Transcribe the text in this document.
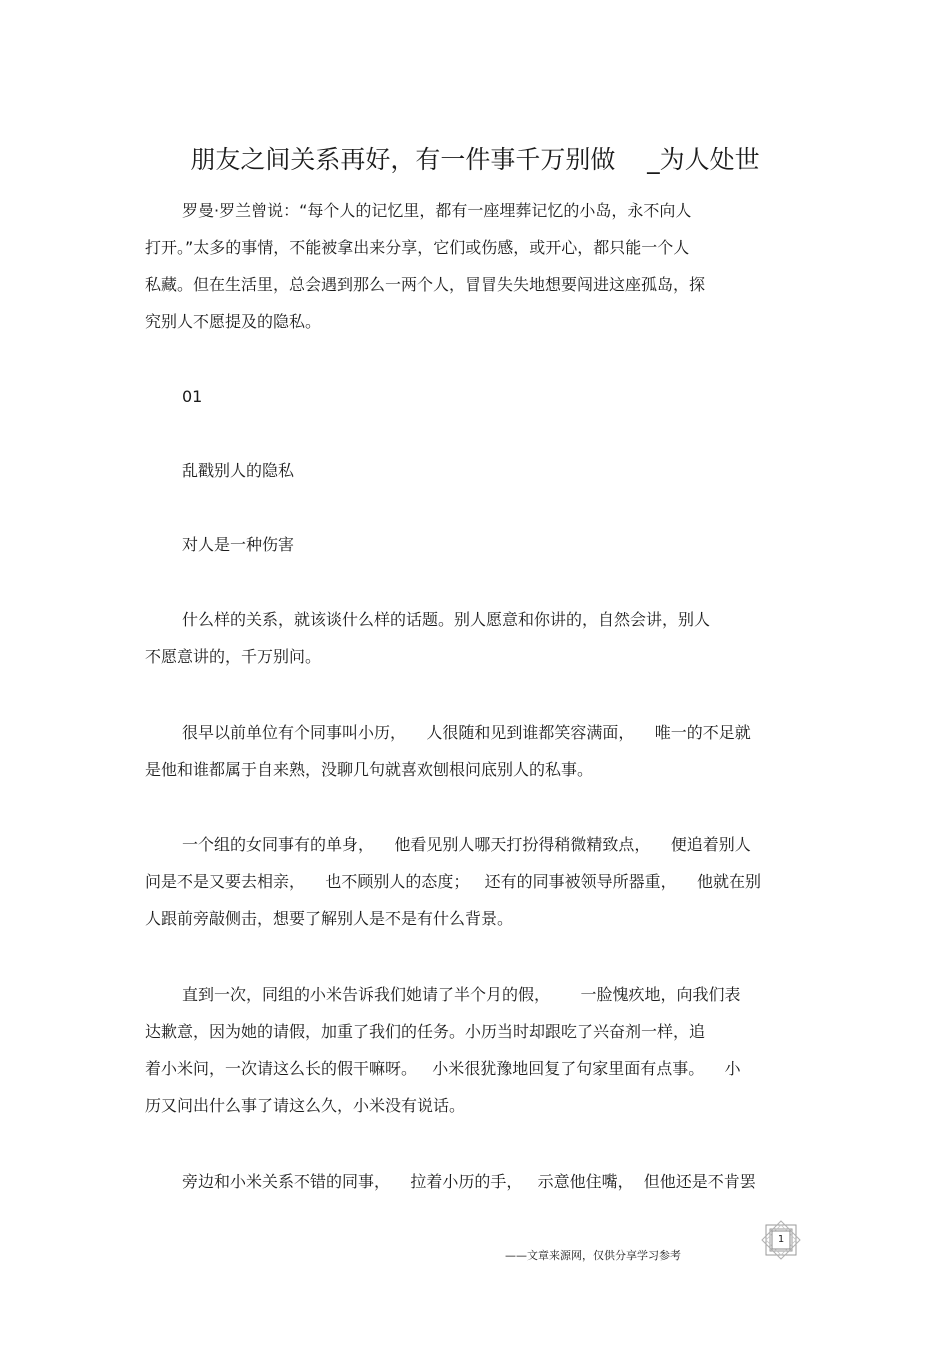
朋友之间关系再好，有一件事千万别做    _为人处世

罗曼·罗兰曾说：“每个人的记忆里，都有一座埋葬记忆的小岛，永不向人

打开。”太多的事情，不能被拿出来分享，它们或伤感，或开心，都只能一个人

私藏。但在生活里，总会遇到那么一两个人，冒冒失失地想要闯进这座孤岛，探

究别人不愿提及的隐私。

01

乱戳别人的隐私

对人是一种伤害

什么样的关系，就该谈什么样的话题。别人愿意和你讲的，自然会讲，别人

不愿意讲的，千万别问。

很早以前单位有个同事叫小历，    人很随和见到谁都笑容满面，    唯一的不足就

是他和谁都属于自来熟，没聊几句就喜欢刨根问底别人的私事。

一个组的女同事有的单身，    他看见别人哪天打扮得稍微精致点，    便追着别人

问是不是又要去相亲，    也不顾别人的态度；   还有的同事被领导所器重，    他就在别

人跟前旁敲侧击，想要了解别人是不是有什么背景。

直到一次，同组的小米告诉我们她请了半个月的假，      一脸愧疚地，向我们表

达歉意，因为她的请假，加重了我们的任务。小历当时却跟吃了兴奋剂一样，追

着小米问，一次请这么长的假干嘛呀。   小米很犹豫地回复了句家里面有点事。    小

历又问出什么事了请这么久，小米没有说话。

旁边和小米关系不错的同事，    拉着小历的手，   示意他住嘴，  但他还是不肯罢

——文章来源网，仅供分享学习参考
1
